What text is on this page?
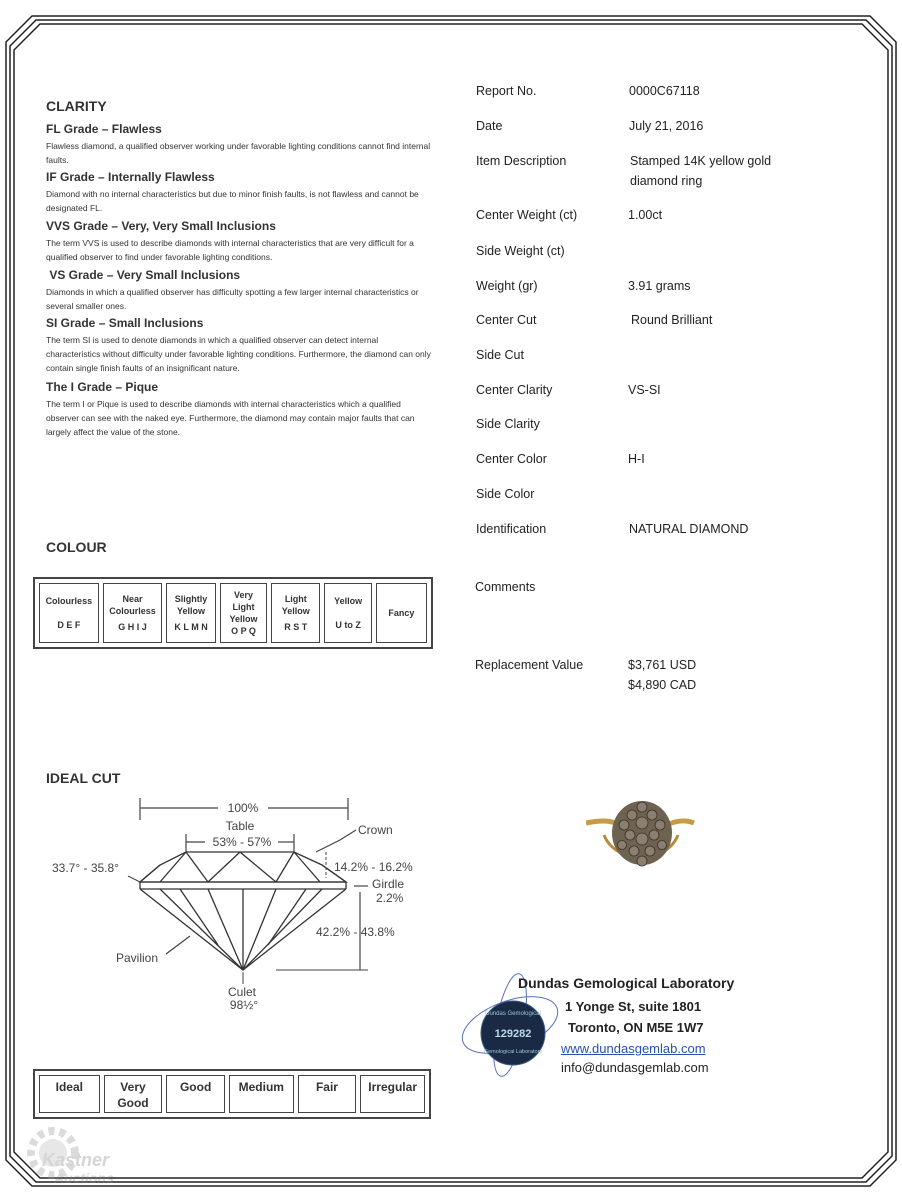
CLARITY
FL Grade – Flawless
Flawless diamond, a qualified observer working under favorable lighting conditions cannot find internal faults.
IF Grade – Internally Flawless
Diamond with no internal characteristics but due to minor finish faults, is not flawless and cannot be designated FL.
VVS Grade – Very, Very Small Inclusions
The term VVS is used to describe diamonds with internal characteristics that are very difficult for a qualified observer to find under favorable lighting conditions.
VS Grade – Very Small Inclusions
Diamonds in which a qualified observer has difficulty spotting a few larger internal characteristics or several smaller ones.
SI Grade – Small Inclusions
The term SI is used to denote diamonds in which a qualified observer can detect internal characteristics without difficulty under favorable lighting conditions. Furthermore, the diamond can only contain single finish faults of an insignificant nature.
The I Grade – Pique
The term I or Pique is used to describe diamonds with internal characteristics which a qualified observer can see with the naked eye. Furthermore, the diamond may contain major faults that can largely affect the value of the stone.
COLOUR
Colourless
D E F

Near Colourless
G H I J

Slightly Yellow
K L M N

Very Light Yellow
O P Q

Light Yellow
R S T

Yellow
U to Z

Fancy
IDEAL CUT
100%
Table
53% - 57%
Crown
33.7° - 35.8°	14.2% - 16.2%
Girdle
2.2%
42.2% - 43.8%
Pavilion
Culet
98½°
Ideal	Very Good	Good	Medium	Fair	Irregular
Report No.	0000C67118
Date	July 21, 2016
Item Description	Stamped 14K yellow gold diamond ring
Center Weight (ct)	1.00ct
Side Weight (ct)
Weight (gr)	3.91 grams
Center Cut	Round Brilliant
Side Cut
Center Clarity	VS-SI
Side Clarity
Center Color	H-I
Side Color
Identification	NATURAL DIAMOND
Comments
Replacement Value	$3,761 USD
$4,890 CAD
Dundas Gemological
129282
Gemological Laboratory
Dundas Gemological Laboratory
1 Yonge St, suite 1801
Toronto, ON M5E 1W7
www.dundasgemlab.com
info@dundasgemlab.com
Kastner
Auctions
